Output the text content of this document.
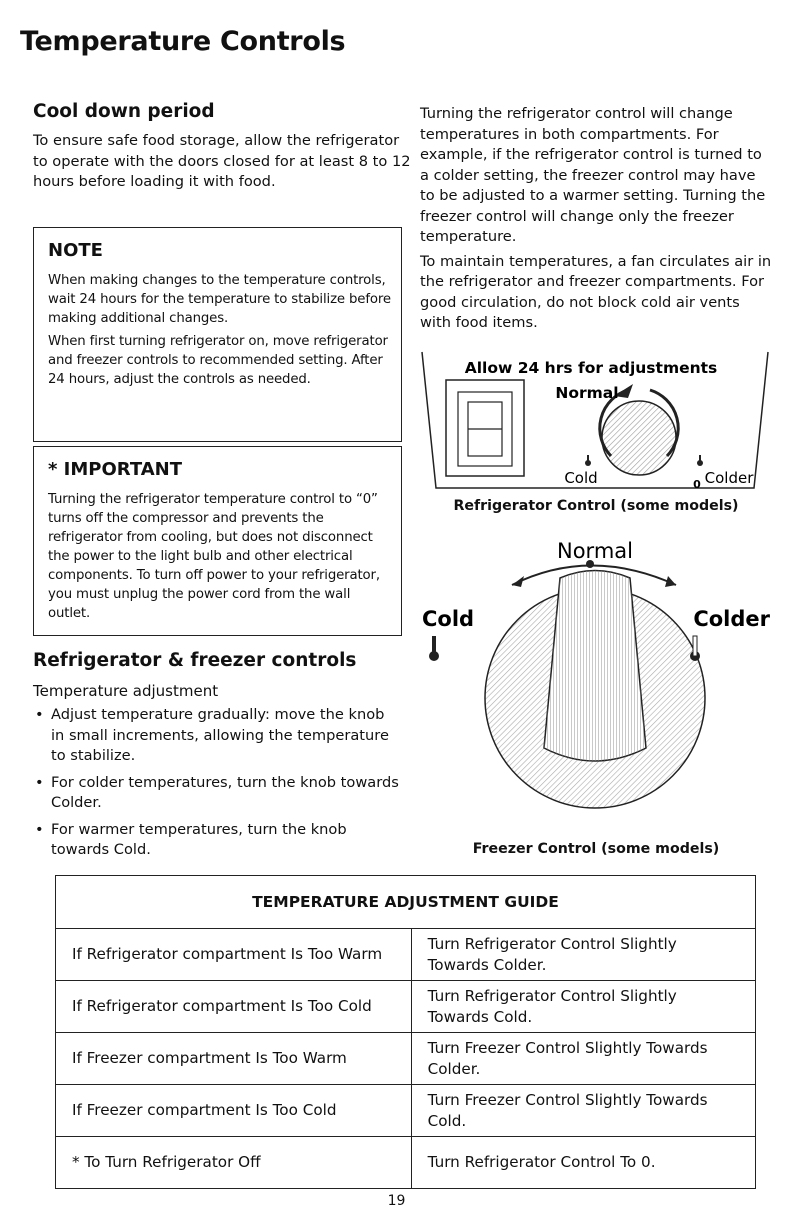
Temperature Controls
Cool down period
To ensure safe food storage, allow the refrigerator to operate with the doors closed for at least 8 to 12 hours before loading it with food.
NOTE

When making changes to the temperature controls, wait 24 hours for the temperature to stabilize before making additional changes.

When first turning refrigerator on, move refrigerator and freezer controls to recommended setting. After 24 hours, adjust the controls as needed.

* IMPORTANT

Turning the refrigerator temperature control to “0” turns off the compressor and prevents the refrigerator from cooling, but does not disconnect the power to the light bulb and other electrical components. To turn off power to your refrigerator, you must unplug the power cord from the wall outlet.

Refrigerator & freezer controls
Temperature adjustment
• Adjust temperature gradually: move the knob in small increments, allowing the temperature to stabilize.
• For colder temperatures, turn the knob towards Colder.
• For warmer temperatures, turn the knob towards Cold.

Turning the refrigerator control will change temperatures in both compartments. For example, if the refrigerator control is turned to a colder setting, the freezer control may have to be adjusted to a warmer setting. Turning the freezer control will change only the freezer temperature.

To maintain temperatures, a fan circulates air in the refrigerator and freezer compartments. For good circulation, do not block cold air vents with food items.

Allow 24 hrs for adjustments
Normal
Cold	0 Colder
Refrigerator Control (some models)
Normal
Cold	Colder
Freezer Control (some models)
TEMPERATURE ADJUSTMENT GUIDE	
If Refrigerator compartment Is Too Warm	Turn Refrigerator Control Slightly Towards Colder.
If Refrigerator compartment Is Too Cold	Turn Refrigerator Control Slightly Towards Cold.
If Freezer compartment Is Too Warm	Turn Freezer Control Slightly Towards Colder.
If Freezer compartment Is Too Cold	Turn Freezer Control Slightly Towards Cold.
* To Turn Refrigerator Off	Turn Refrigerator Control To 0.
19
